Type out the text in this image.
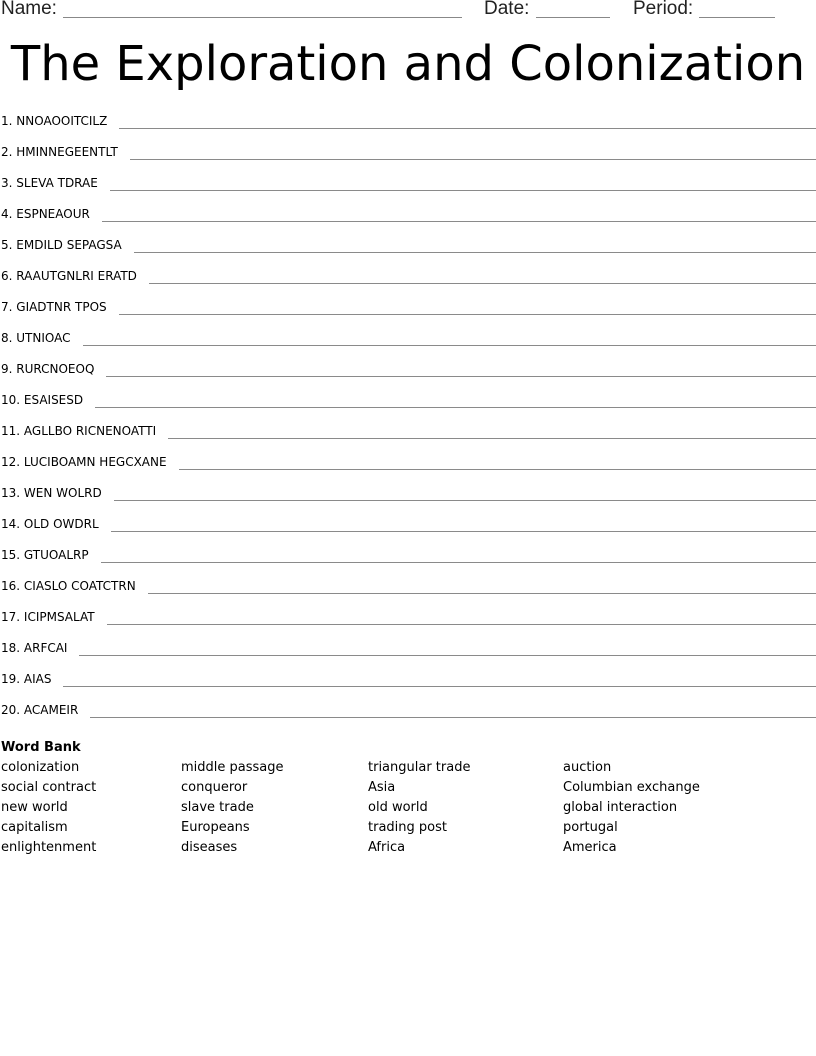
Name:	Date:	Period:
The Exploration and Colonization
1. NNOAOOITCILZ
2. HMINNEGEENTLT
3. SLEVA TDRAE
4. ESPNEAOUR
5. EMDILD SEPAGSA
6. RAAUTGNLRI ERATD
7. GIADTNR TPOS
8. UTNIOAC
9. RURCNOEOQ
10. ESAISESD
11. AGLLBO RICNENOATTI
12. LUCIBOAMN HEGCXANE
13. WEN WOLRD
14. OLD OWDRL
15. GTUOALRP
16. CIASLO COATCTRN
17. ICIPMSALAT
18. ARFCAI
19. AIAS
20. ACAMEIR
Word Bank
colonization
social contract
new world
capitalism
enlightenment
middle passage
conqueror
slave trade
Europeans
diseases
triangular trade
Asia
old world
trading post
Africa
auction
Columbian exchange
global interaction
portugal
America
